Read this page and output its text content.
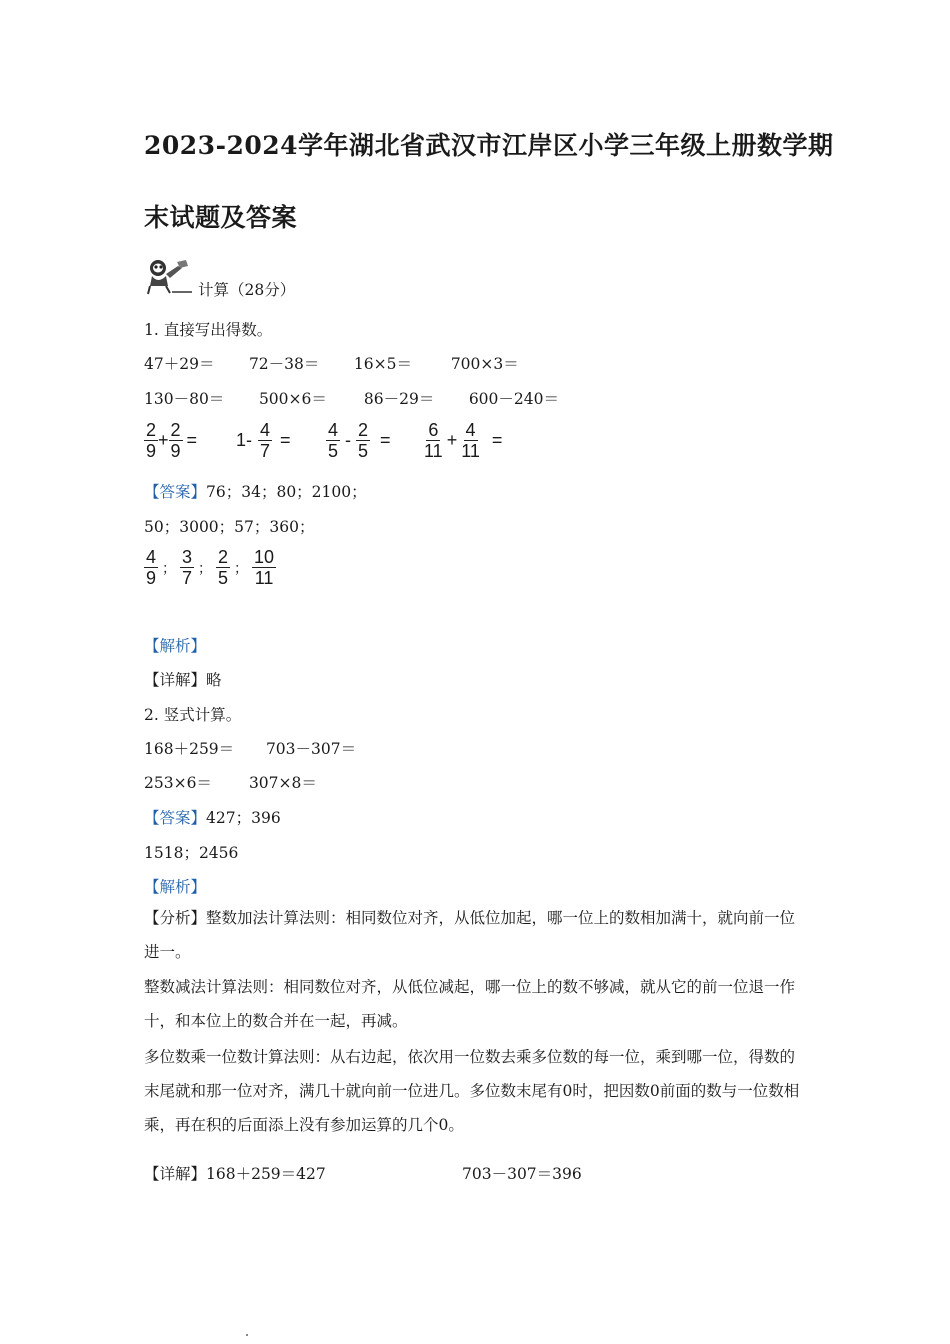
2023-2024学年湖北省武汉市江岸区小学三年级上册数学期
末试题及答案
计算（28分）
1. 直接写出得数。
47＋29＝ 72－38＝ 16×5＝	700×3＝
130－80＝ 500×6＝ 86－29＝ 600－240＝
$\frac{2}{9} + \frac{2}{9} = 1- \frac{4}{7} = \frac{4}{5} - \frac{2}{5} = \frac{6}{11} + \frac{4}{11}$ =
【答案】76；34；80；2100；
50；3000；57；360；
$\frac{4}{9}$ ； $\frac{3}{7}$ ； $\frac{2}{5}$ ； $\frac{10}{11}$
【解析】
【详解】略
2. 竖式计算。
168＋259＝ 703－307＝
253×6＝ 307×8＝
【答案】427；396
1518；2456
【解析】
【分析】整数加法计算法则：相同数位对齐，从低位加起，哪一位上的数相加满十，就向前一位进一。
整数减法计算法则：相同数位对齐，从低位减起，哪一位上的数不够减，就从它的前一位退一作十，和本位上的数合并在一起，再减。
多位数乘一位数计算法则：从右边起，依次用一位数去乘多位数的每一位，乘到哪一位，得数的末尾就和那一位对齐，满几十就向前一位进几。多位数末尾有0时，把因数0前面的数与一位数相乘，再在积的后面添上没有参加运算的几个0。
【详解】168＋259＝427	703－307＝396
